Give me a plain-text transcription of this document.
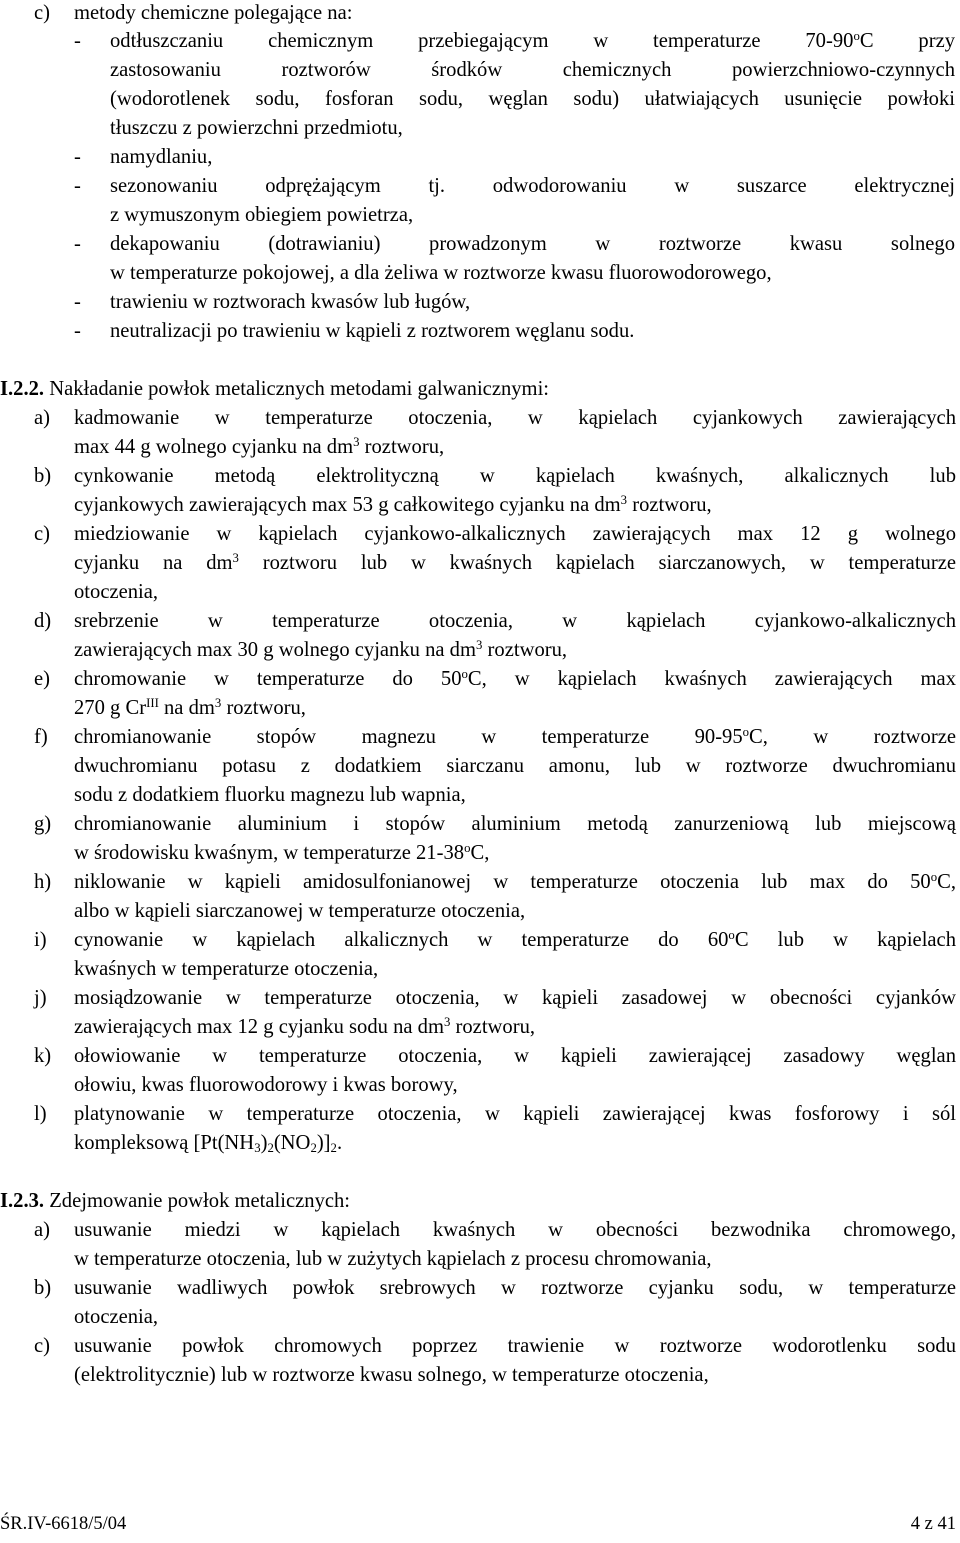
c) metody chemiczne polegające na:
- odtłuszczaniu chemicznym przebiegającym w temperaturze 70-90$^o$C przy
zastosowaniu roztworów środków chemicznych powierzchniowo-czynnych
(wodorotlenek sodu, fosforan sodu, węglan sodu) ułatwiających usunięcie powłoki
tłuszczu z powierzchni przedmiotu,
- namydlaniu,
- sezonowaniu odprężającym tj. odwodorowaniu w suszarce elektrycznej
z wymuszonym obiegiem powietrza,
- dekapowaniu (dotrawianiu) prowadzonym w roztworze kwasu solnego
w temperaturze pokojowej, a dla żeliwa w roztworze kwasu fluorowodorowego,
- trawieniu w roztworach kwasów lub ługów,
- neutralizacji po trawieniu w kąpieli z roztworem węglanu sodu.
I.2.2. Nakładanie powłok metalicznych metodami galwanicznymi:
a) kadmowanie w temperaturze otoczenia, w kąpielach cyjankowych zawierających
max 44 g wolnego cyjanku na $dm^3$ roztworu,
b) cynkowanie metodą elektrolityczną w kąpielach kwaśnych, alkalicznych lub
cyjankowych zawierających max 53 g całkowitego cyjanku na $dm^3$ roztworu,
c) miedziowanie w kąpielach cyjankowo-alkalicznych zawierających max 12 g wolnego
cyjanku na $dm^3$ roztworu lub w kwaśnych kąpielach siarczanowych, w temperaturze
otoczenia,
d) srebrzenie w temperaturze otoczenia, w kąpielach cyjankowo-alkalicznych
zawierających max 30 g wolnego cyjanku na $dm^3$ roztworu,
e) chromowanie w temperaturze do 50$^o$C, w kąpielach kwaśnych zawierających max
270 g $Cr^{III}$ na $dm^3$ roztworu,
f) chromianowanie stopów magnezu w temperaturze 90-95$^o$C, w roztworze
dwuchromianu potasu z dodatkiem siarczanu amonu, lub w roztworze dwuchromianu
sodu z dodatkiem fluorku magnezu lub wapnia,
g) chromianowanie aluminium i stopów aluminium metodą zanurzeniową lub miejscową
w środowisku kwaśnym, w temperaturze 21-38$^o$C,
h) niklowanie w kąpieli amidosulfonianowej w temperaturze otoczenia lub max do 50$^o$C,
albo w kąpieli siarczanowej w temperaturze otoczenia,
i) cynowanie w kąpielach alkalicznych w temperaturze do 60$^o$C lub w kąpielach
kwaśnych w temperaturze otoczenia,
j) mosiądzowanie w temperaturze otoczenia, w kąpieli zasadowej w obecności cyjanków
zawierających max 12 g cyjanku sodu na $dm^3$ roztworu,
k) ołowiowanie w temperaturze otoczenia, w kąpieli zawierającej zasadowy węglan
ołowiu, kwas fluorowodorowy i kwas borowy,
l) platynowanie w temperaturze otoczenia, w kąpieli zawierającej kwas fosforowy i sól
kompleksową $[Pt(NH_3)_2(NO_2)]_2$.
I.2.3. Zdejmowanie powłok metalicznych:
a) usuwanie miedzi w kąpielach kwaśnych w obecności bezwodnika chromowego,
w temperaturze otoczenia, lub w zużytych kąpielach z procesu chromowania,
b) usuwanie wadliwych powłok srebrowych w roztworze cyjanku sodu, w temperaturze
otoczenia,
c) usuwanie powłok chromowych poprzez trawienie w roztworze wodorotlenku sodu
(elektrolitycznie) lub w roztworze kwasu solnego, w temperaturze otoczenia,
ŚR.IV-6618/5/04	4 z 41
